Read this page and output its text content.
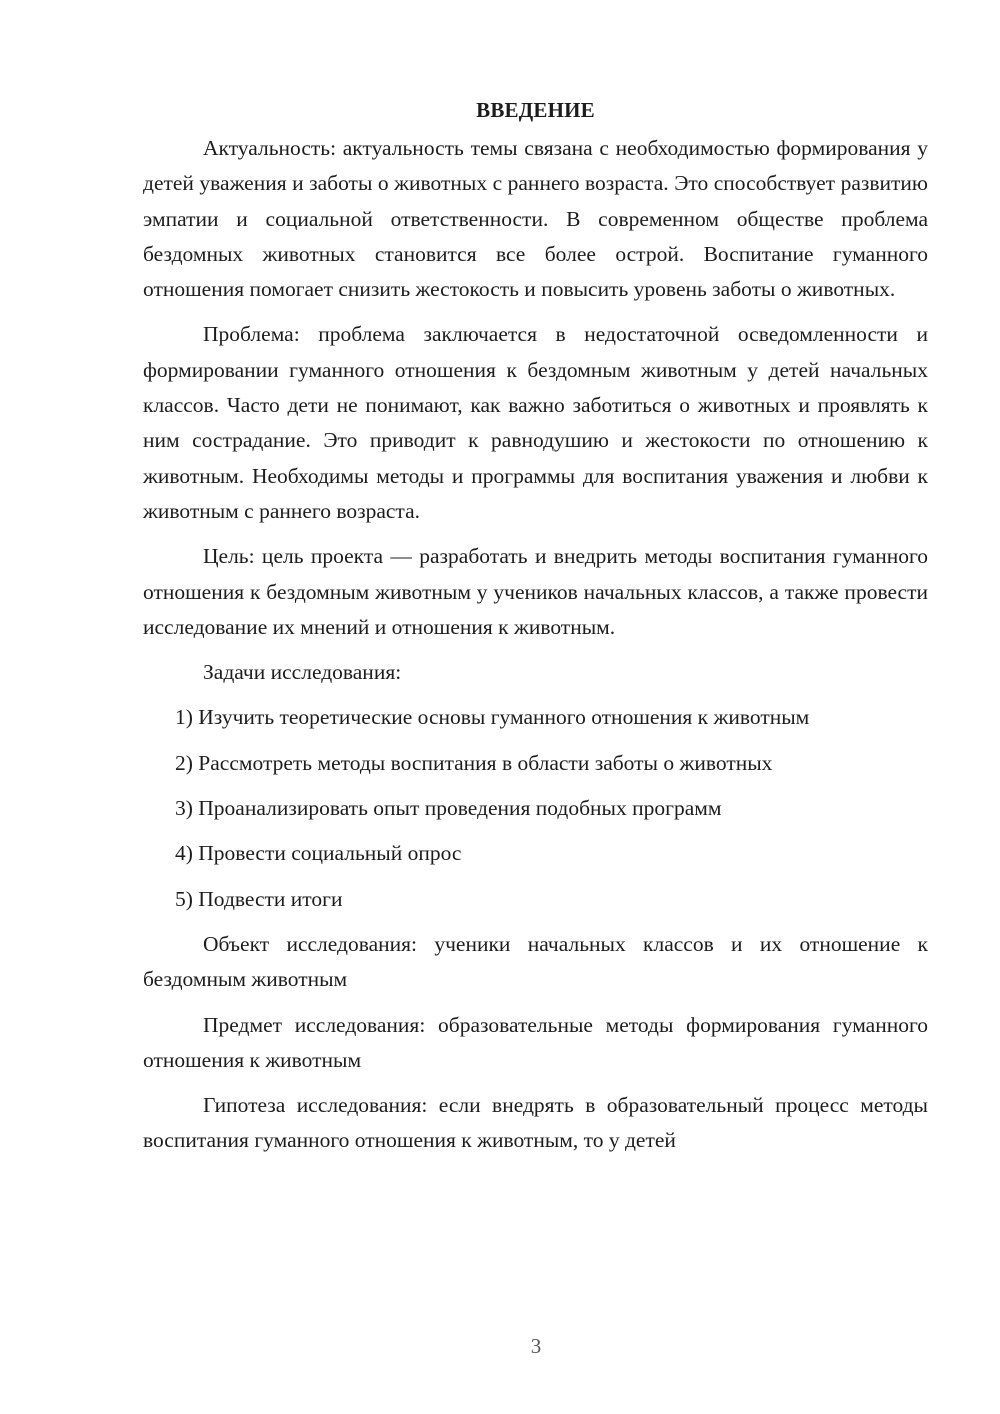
ВВЕДЕНИЕ

Актуальность: актуальность темы связана с необходимостью формирования у детей уважения и заботы о животных с раннего возраста. Это способствует развитию эмпатии и социальной ответственности. В современном обществе проблема бездомных животных становится все более острой. Воспитание гуманного отношения помогает снизить жестокость и повысить уровень заботы о животных.

Проблема: проблема заключается в недостаточной осведомленности и формировании гуманного отношения к бездомным животным у детей начальных классов. Часто дети не понимают, как важно заботиться о животных и проявлять к ним сострадание. Это приводит к равнодушию и жестокости по отношению к животным. Необходимы методы и программы для воспитания уважения и любви к животным с раннего возраста.

Цель: цель проекта — разработать и внедрить методы воспитания гуманного отношения к бездомным животным у учеников начальных классов, а также провести исследование их мнений и отношения к животным.

Задачи исследования:

1) Изучить теоретические основы гуманного отношения к животным
2) Рассмотреть методы воспитания в области заботы о животных
3) Проанализировать опыт проведения подобных программ
4) Провести социальный опрос
5) Подвести итоги

Объект исследования: ученики начальных классов и их отношение к бездомным животным

Предмет исследования: образовательные методы формирования гуманного отношения к животным

Гипотеза исследования: если внедрять в образовательный процесс методы воспитания гуманного отношения к животным, то у детей

3
